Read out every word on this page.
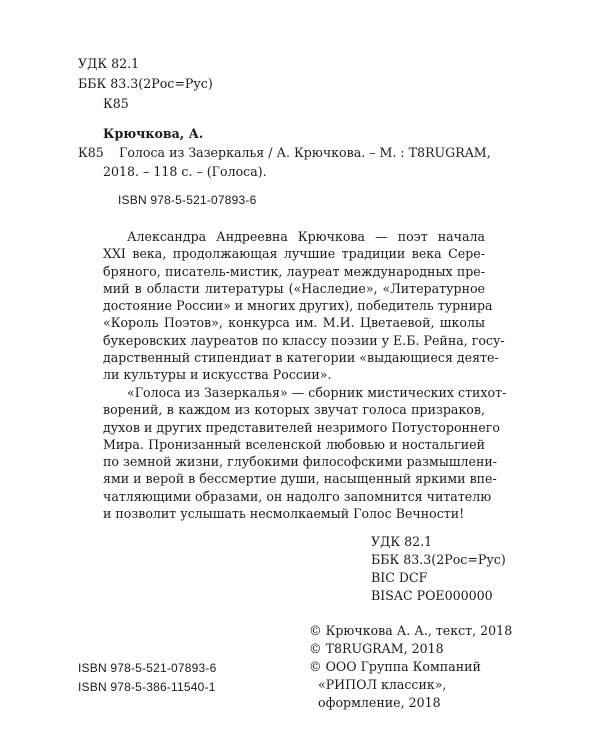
УДК 82.1
ББК 83.3(2Рос=Рус)
К85
Крючкова, А.
К85 Голоса из Зазеркалья / А. Крючкова. – М. : T8RUGRAM,
2018. – 118 с. – (Голоса).
ISBN 978-5-521-07893-6
Александра Андреевна Крючкова — поэт начала
XXI века, продолжающая лучшие традиции века Сере-
бряного, писатель-мистик, лауреат международных пре-
мий в области литературы («Наследие», «Литературное
достояние России» и многих других), победитель турнира
«Король Поэтов», конкурса им. М.И. Цветаевой, школы
букеровских лауреатов по классу поэзии у Е.Б. Рейна, госу-
дарственный стипендиат в категории «выдающиеся деяте-
ли культуры и искусства России».
«Голоса из Зазеркалья» — сборник мистических стихот-
ворений, в каждом из которых звучат голоса призраков,
духов и других представителей незримого Потустороннего
Мира. Пронизанный вселенской любовью и ностальгией
по земной жизни, глубокими философскими размышлени-
ями и верой в бессмертие души, насыщенный яркими впе-
чатляющими образами, он надолго запомнится читателю
и позволит услышать несмолкаемый Голос Вечности!
УДК 82.1
ББК 83.3(2Рос=Рус)
BIC DCF
BISAC POE000000
ISBN 978-5-521-07893-6
ISBN 978-5-386-11540-1
© Крючкова А. А., текст, 2018
© T8RUGRAM, 2018
© ООО Группа Компаний
«РИПОЛ классик»,
оформление, 2018
